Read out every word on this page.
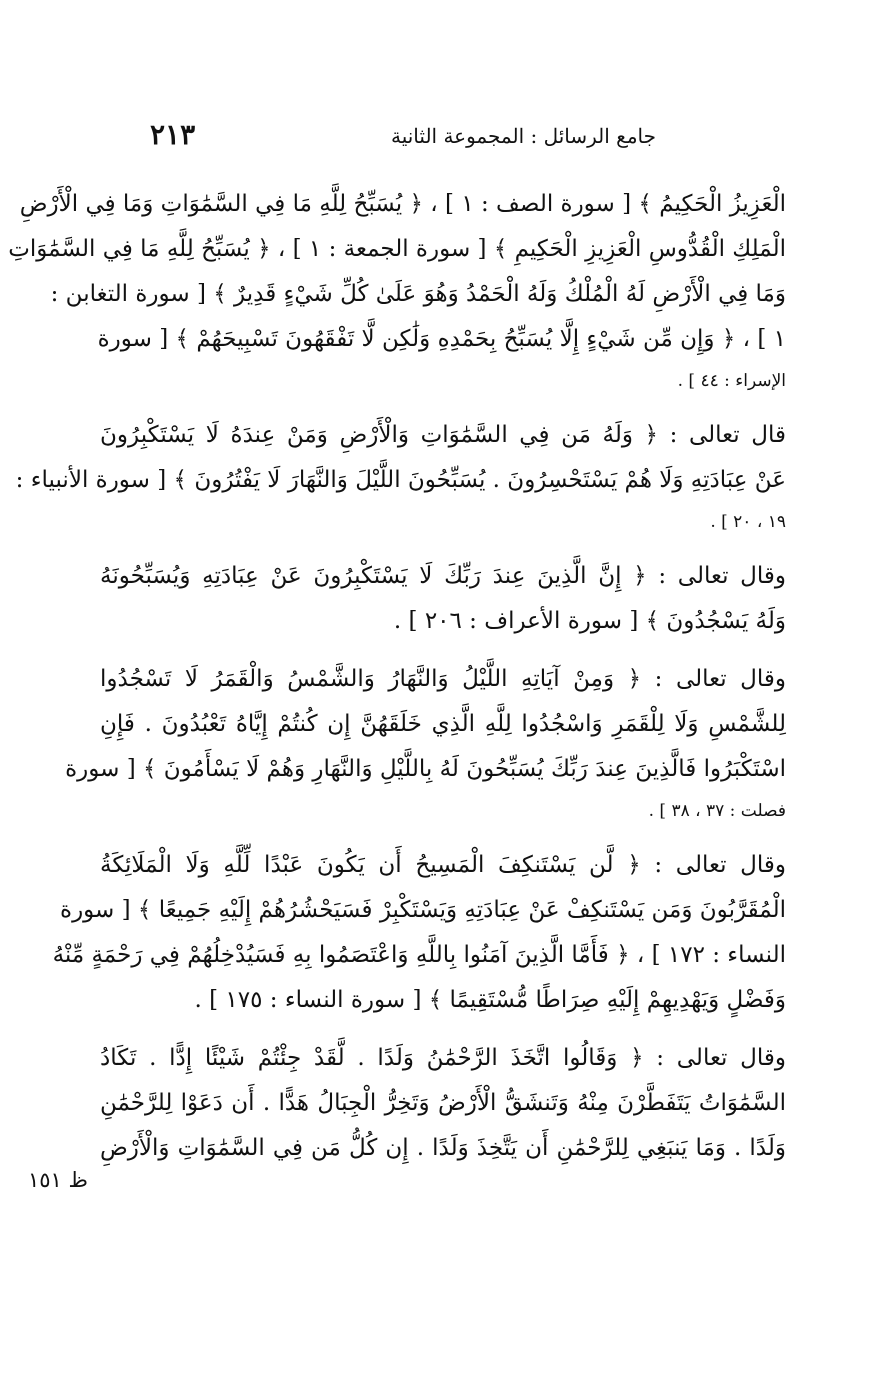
جامع الرسائل : المجموعة الثانية
٢١٣
ظ ١٥١

الْعَزِيزُ الْحَكِيمُ ﴾ [ سورة الصف : ١ ] ، ﴿ يُسَبِّحُ لِلَّهِ مَا فِي السَّمَٰوَاتِ وَمَا فِي الْأَرْضِ

الْمَلِكِ الْقُدُّوسِ الْعَزِيزِ الْحَكِيمِ ﴾ [ سورة الجمعة : ١ ] ، ﴿ يُسَبِّحُ لِلَّهِ مَا فِي السَّمَٰوَاتِ

وَمَا فِي الْأَرْضِ لَهُ الْمُلْكُ وَلَهُ الْحَمْدُ وَهُوَ عَلَىٰ كُلِّ شَيْءٍ قَدِيرٌ ﴾ [ سورة التغابن :

١ ] ، ﴿ وَإِن مِّن شَيْءٍ إِلَّا يُسَبِّحُ بِحَمْدِهِ وَلَٰكِن لَّا تَفْقَهُونَ تَسْبِيحَهُمْ ﴾ [ سورة

الإسراء : ٤٤ ] .

قال تعالى : ﴿ وَلَهُ مَن فِي السَّمَٰوَاتِ وَالْأَرْضِ وَمَنْ عِندَهُ لَا يَسْتَكْبِرُونَ

عَنْ عِبَادَتِهِ وَلَا هُمْ يَسْتَحْسِرُونَ . يُسَبِّحُونَ اللَّيْلَ وَالنَّهَارَ لَا يَفْتُرُونَ ﴾ [ سورة الأنبياء :

١٩ ، ٢٠ ] .

وقال تعالى : ﴿ إِنَّ الَّذِينَ عِندَ رَبِّكَ لَا يَسْتَكْبِرُونَ عَنْ عِبَادَتِهِ وَيُسَبِّحُونَهُ

وَلَهُ يَسْجُدُونَ ﴾ [ سورة الأعراف : ٢٠٦ ] .

وقال تعالى : ﴿ وَمِنْ آيَاتِهِ اللَّيْلُ وَالنَّهَارُ وَالشَّمْسُ وَالْقَمَرُ لَا تَسْجُدُوا

لِلشَّمْسِ وَلَا لِلْقَمَرِ وَاسْجُدُوا لِلَّهِ الَّذِي خَلَقَهُنَّ إِن كُنتُمْ إِيَّاهُ تَعْبُدُونَ . فَإِنِ

اسْتَكْبَرُوا فَالَّذِينَ عِندَ رَبِّكَ يُسَبِّحُونَ لَهُ بِاللَّيْلِ وَالنَّهَارِ وَهُمْ لَا يَسْأَمُونَ ﴾ [ سورة

فصلت : ٣٧ ، ٣٨ ] .

وقال تعالى : ﴿ لَّن يَسْتَنكِفَ الْمَسِيحُ أَن يَكُونَ عَبْدًا لِّلَّهِ وَلَا الْمَلَائِكَةُ

الْمُقَرَّبُونَ وَمَن يَسْتَنكِفْ عَنْ عِبَادَتِهِ وَيَسْتَكْبِرْ فَسَيَحْشُرُهُمْ إِلَيْهِ جَمِيعًا ﴾ [ سورة

النساء : ١٧٢ ] ، ﴿ فَأَمَّا الَّذِينَ آمَنُوا بِاللَّهِ وَاعْتَصَمُوا بِهِ فَسَيُدْخِلُهُمْ فِي رَحْمَةٍ مِّنْهُ

وَفَضْلٍ وَيَهْدِيهِمْ إِلَيْهِ صِرَاطًا مُّسْتَقِيمًا ﴾ [ سورة النساء : ١٧٥ ] .

وقال تعالى : ﴿ وَقَالُوا اتَّخَذَ الرَّحْمَٰنُ وَلَدًا . لَّقَدْ جِئْتُمْ شَيْئًا إِدًّا . تَكَادُ

السَّمَٰوَاتُ يَتَفَطَّرْنَ مِنْهُ وَتَنشَقُّ الْأَرْضُ وَتَخِرُّ الْجِبَالُ هَدًّا . أَن دَعَوْا لِلرَّحْمَٰنِ

وَلَدًا . وَمَا يَنبَغِي لِلرَّحْمَٰنِ أَن يَتَّخِذَ وَلَدًا . إِن كُلُّ مَن فِي السَّمَٰوَاتِ وَالْأَرْضِ
